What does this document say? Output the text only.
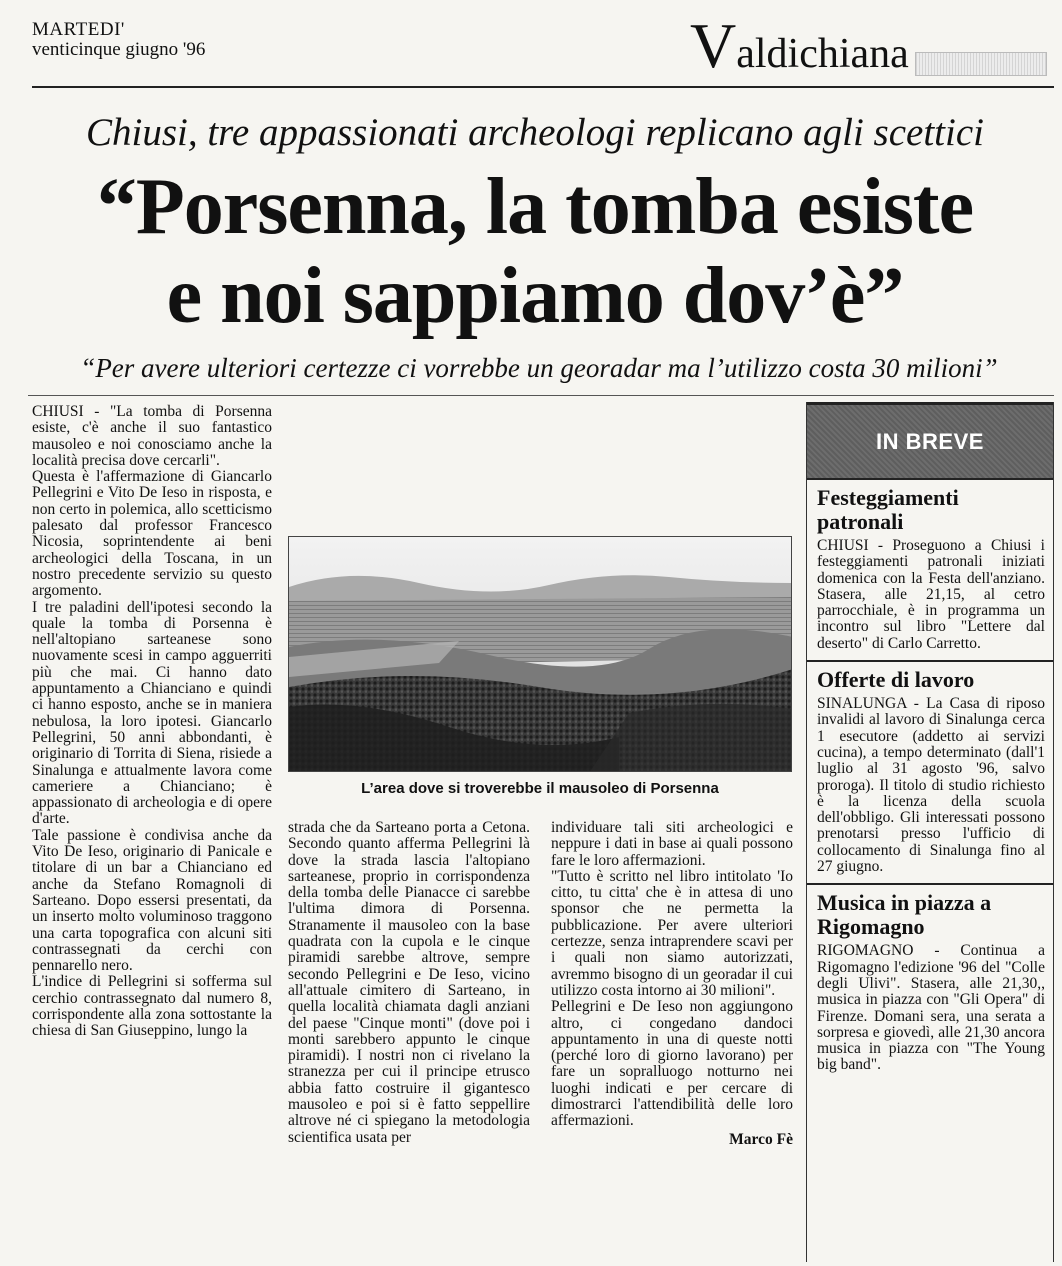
MARTEDI'
venticinque giugno '96	Valdichiana
Chiusi, tre appassionati archeologi replicano agli scettici
“Porsenna, la tomba esiste
e noi sappiamo dov’è”
“Per avere ulteriori certezze ci vorrebbe un georadar ma l’utilizzo costa 30 milioni”

CHIUSI - "La tomba di Porsenna esiste, c'è anche il suo fantastico mausoleo e noi conosciamo anche la località precisa dove cercarli".

Questa è l'affermazione di Giancarlo Pellegrini e Vito De Ieso in risposta, e non certo in polemica, allo scetticismo palesato dal professor Francesco Nicosia, soprintendente ai beni archeologici della Toscana, in un nostro precedente servizio su questo argomento.

I tre paladini dell'ipotesi secondo la quale la tomba di Porsenna è nell'altopiano sarteanese sono nuovamente scesi in campo agguerriti più che mai. Ci hanno dato appuntamento a Chianciano e quindi ci hanno esposto, anche se in maniera nebulosa, la loro ipotesi. Giancarlo Pellegrini, 50 anni abbondanti, è originario di Torrita di Siena, risiede a Sinalunga e attualmente lavora come cameriere a Chianciano; è appassionato di archeologia e di opere d'arte.

Tale passione è condivisa anche da Vito De Ieso, originario di Panicale e titolare di un bar a Chianciano ed anche da Stefano Romagnoli di Sarteano. Dopo essersi presentati, da un inserto molto voluminoso traggono una carta topografica con alcuni siti contrassegnati da cerchi con pennarello nero.

L'indice di Pellegrini si sofferma sul cerchio contrassegnato dal numero 8, corrispondente alla zona sottostante la chiesa di San Giuseppino, lungo la

L’area dove si troverebbe il mausoleo di Porsenna

strada che da Sarteano porta a Cetona. Secondo quanto afferma Pellegrini là dove la strada lascia l'altopiano sarteanese, proprio in corrispondenza della tomba delle Pianacce ci sarebbe l'ultima dimora di Porsenna. Stranamente il mausoleo con la base quadrata con la cupola e le cinque piramidi sarebbe altrove, sempre secondo Pellegrini e De Ieso, vicino all'attuale cimitero di Sarteano, in quella località chiamata dagli anziani del paese "Cinque monti" (dove poi i monti sarebbero appunto le cinque piramidi). I nostri non ci rivelano la stranezza per cui il principe etrusco abbia fatto costruire il gigantesco mausoleo e poi si è fatto seppellire altrove né ci spiegano la metodologia scientifica usata per

individuare tali siti archeologici e neppure i dati in base ai quali possono fare le loro affermazioni.

"Tutto è scritto nel libro intitolato 'Io citto, tu citta' che è in attesa di uno sponsor che ne permetta la pubblicazione. Per avere ulteriori certezze, senza intraprendere scavi per i quali non siamo autorizzati, avremmo bisogno di un georadar il cui utilizzo costa intorno ai 30 milioni".

Pellegrini e De Ieso non aggiungono altro, ci congedano dandoci appuntamento in una di queste notti (perché loro di giorno lavorano) per fare un sopralluogo notturno nei luoghi indicati e per cercare di dimostrarci l'attendibilità delle loro affermazioni.

Marco Fè
IN BREVE
Festeggiamenti patronali
CHIUSI - Proseguono a Chiusi i festeggiamenti patronali iniziati domenica con la Festa dell'anziano. Stasera, alle 21,15, al cetro parrocchiale, è in programma un incontro sul libro "Lettere dal deserto" di Carlo Carretto.
Offerte di lavoro
SINALUNGA - La Casa di riposo invalidi al lavoro di Sinalunga cerca 1 esecutore (addetto ai servizi cucina), a tempo determinato (dall'1 luglio al 31 agosto '96, salvo proroga). Il titolo di studio richiesto è la licenza della scuola dell'obbligo. Gli interessati possono prenotarsi presso l'ufficio di collocamento di Sinalunga fino al 27 giugno.
Musica in piazza a Rigomagno
RIGOMAGNO - Continua a Rigomagno l'edizione '96 del "Colle degli Ulivi". Stasera, alle 21,30,, musica in piazza con "Gli Opera" di Firenze. Domani sera, una serata a sorpresa e giovedì, alle 21,30 ancora musica in piazza con "The Young big band".
